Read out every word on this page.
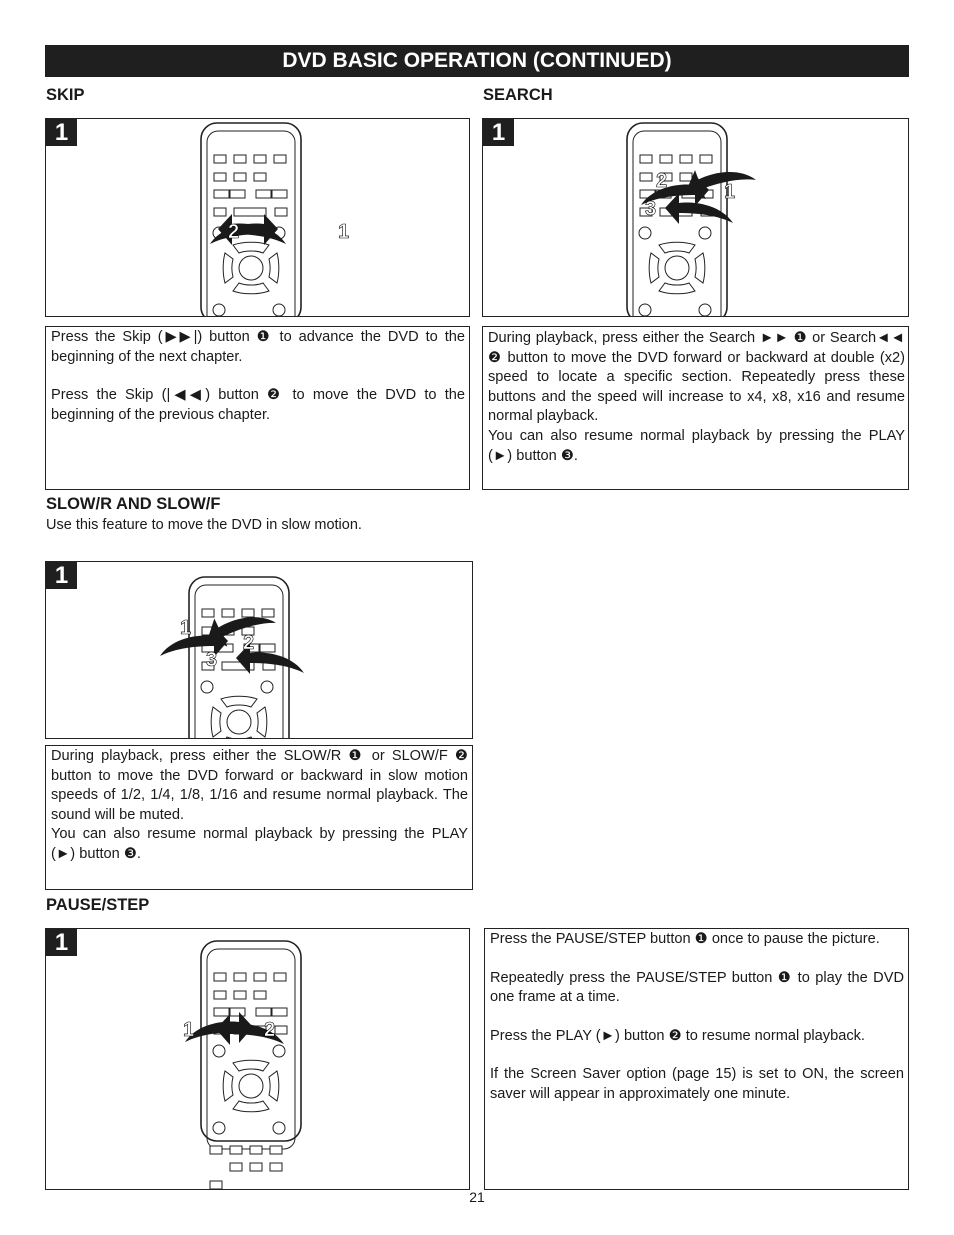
DVD BASIC OPERATION (CONTINUED)
SKIP
1
2	1

Press the Skip (▶▶|) button ❶ to advance the DVD to the beginning of the next chapter.

Press the Skip (|◀◀) button ❷ to move the DVD to the beginning of the previous chapter.

SEARCH
1
2	1
3

During playback, press either the Search ►► ❶ or Search◄◄ ❷ button to move the DVD forward or backward at double (x2) speed to locate a specific section. Repeatedly press these buttons and the speed will increase to x4, x8, x16 and resume normal playback.

You can also resume normal playback by pressing the PLAY (►) button ❸.

SLOW/R AND SLOW/F
Use this feature to move the DVD in slow motion.
1
1
2
3

During playback, press either the SLOW/R ❶ or SLOW/F ❷ button to move the DVD forward or backward in slow motion speeds of 1/2, 1/4, 1/8, 1/16 and resume normal playback. The sound will be muted.

You can also resume normal playback by pressing the PLAY (►) button ❸.

PAUSE/STEP
1
1	2

Press the PAUSE/STEP button ❶ once to pause the picture.

Repeatedly press the PAUSE/STEP button ❶ to play the DVD one frame at a time.

Press the PLAY (►) button ❷ to resume normal playback.

If the Screen Saver option (page 15) is set to ON, the screen saver will appear in approximately one minute.

21
